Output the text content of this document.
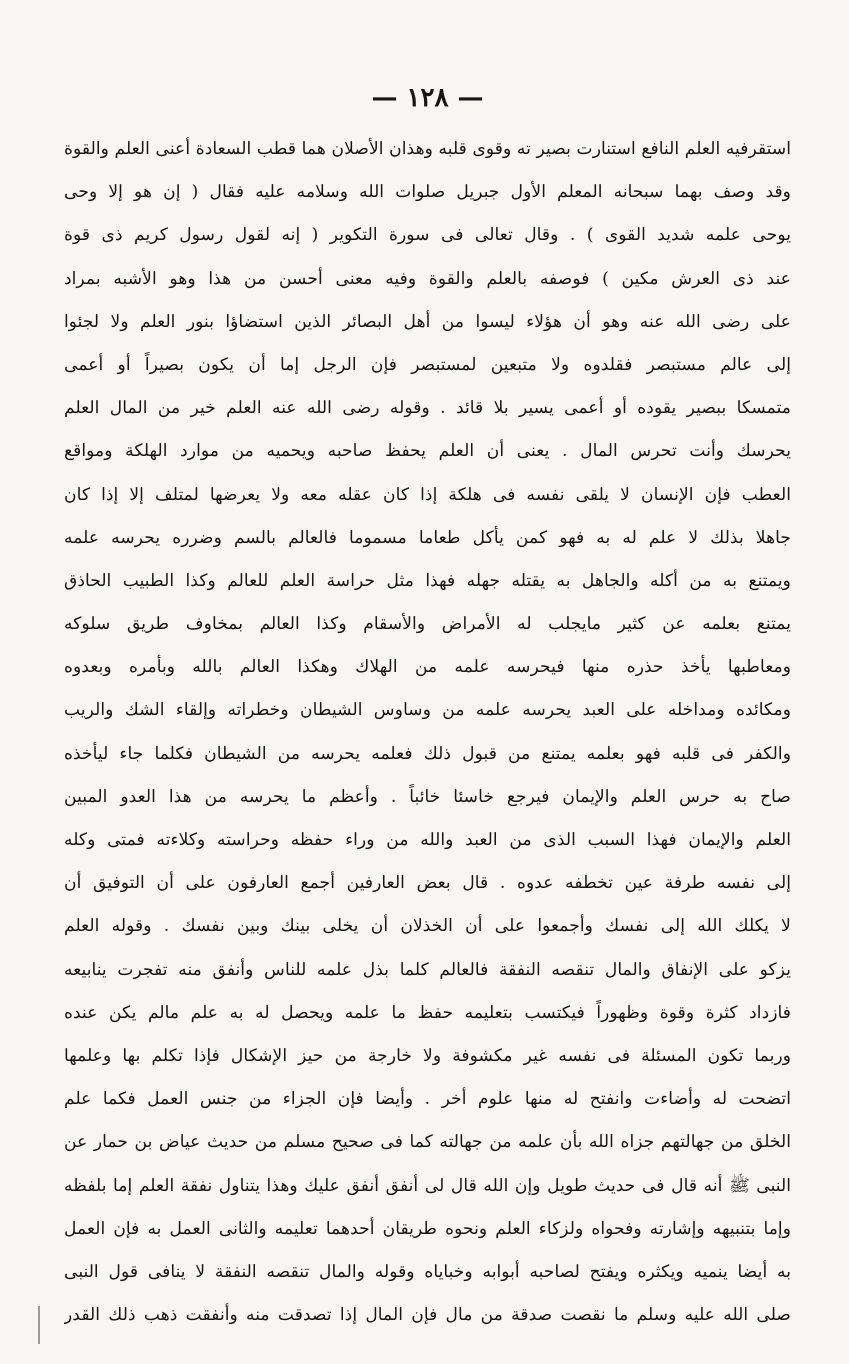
— ١٢٨ —
استقرفيه العلم النافع استنارت بصير ته وقوى قلبه وهذان الأصلان هما قطب السعادة أعنى العلم والقوة
وقد وصف بهما سبحانه المعلم الأول جبريل صلوات الله وسلامه عليه فقال ( إن هو إلا وحى
يوحى علمه شديد القوى ) . وقال تعالى فى سورة التكوير ( إنه لقول رسول كريم ذى قوة
عند ذى العرش مكين ) فوصفه بالعلم والقوة وفيه معنى أحسن من هذا وهو الأشبه بمراد
على رضى الله عنه وهو أن هؤلاء ليسوا من أهل البصائر الذين استضاؤا بنور العلم ولا لجئوا
إلى عالم مستبصر فقلدوه ولا متبعين لمستبصر فإن الرجل إما أن يكون بصيراً أو أعمى
متمسكا ببصير يقوده أو أعمى يسير بلا قائد . وقوله رضى الله عنه العلم خير من المال العلم
يحرسك وأنت تحرس المال . يعنى أن العلم يحفظ صاحبه ويحميه من موارد الهلكة ومواقع
العطب فإن الإنسان لا يلقى نفسه فى هلكة إذا كان عقله معه ولا يعرضها لمتلف إلا إذا كان
جاهلا بذلك لا علم له به فهو كمن يأكل طعاما مسموما فالعالم بالسم وضرره يحرسه علمه
ويمتنع به من أكله والجاهل به يقتله جهله فهذا مثل حراسة العلم للعالم وكذا الطبيب الحاذق
يمتنع بعلمه عن كثير مايجلب له الأمراض والأسقام وكذا العالم بمخاوف طريق سلوكه
ومعاطبها يأخذ حذره منها فيحرسه علمه من الهلاك وهكذا العالم بالله وبأمره وبعدوه
ومكائده ومداخله على العبد يحرسه علمه من وساوس الشيطان وخطراته وإلقاء الشك والريب
والكفر فى قلبه فهو بعلمه يمتنع من قبول ذلك فعلمه يحرسه من الشيطان فكلما جاء ليأخذه
صاح به حرس العلم والإيمان فيرجع خاسئا خائباً . وأعظم ما يحرسه من هذا العدو المبين
العلم والإيمان فهذا السبب الذى من العبد والله من وراء حفظه وحراسته وكلاءته فمتى وكله
إلى نفسه طرفة عين تخطفه عدوه . قال بعض العارفين أجمع العارفون على أن التوفيق أن
لا يكلك الله إلى نفسك وأجمعوا على أن الخذلان أن يخلى بينك وبين نفسك . وقوله العلم
يزكو على الإنفاق والمال تنقصه النفقة فالعالم كلما بذل علمه للناس وأنفق منه تفجرت ينابيعه
فازداد كثرة وقوة وظهوراً فيكتسب بتعليمه حفظ ما علمه ويحصل له به علم مالم يكن عنده
وربما تكون المسئلة فى نفسه غير مكشوفة ولا خارجة من حيز الإشكال فإذا تكلم بها وعلمها
اتضحت له وأضاءت وانفتح له منها علوم أخر . وأيضا فإن الجزاء من جنس العمل فكما علم
الخلق من جهالتهم جزاه الله بأن علمه من جهالته كما فى صحيح مسلم من حديث عياض بن حمار عن
النبى ﷺ أنه قال فى حديث طويل وإن الله قال لى أنفق أنفق عليك وهذا يتناول نفقة العلم إما بلفظه
وإما بتنبيهه وإشارته وفحواه ولزكاء العلم ونحوه طريقان أحدهما تعليمه والثانى العمل به فإن العمل
به أيضا ينميه ويكثره ويفتح لصاحبه أبوابه وخباياه وقوله والمال تنقصه النفقة لا ينافى قول النبى
صلى الله عليه وسلم ما نقصت صدقة من مال فإن المال إذا تصدقت منه وأنفقت ذهب ذلك القدر
